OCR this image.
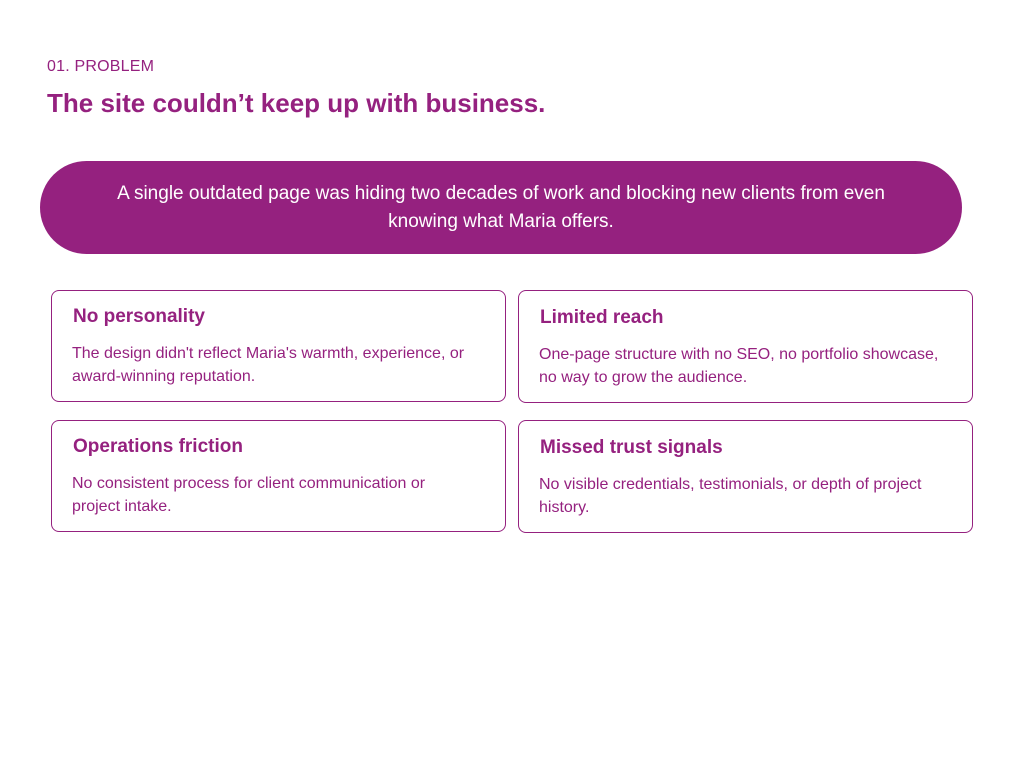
01. PROBLEM
The site couldn’t keep up with business.
A single outdated page was hiding two decades of work and blocking new clients from even knowing what Maria offers.
No personality
The design didn't reflect Maria's warmth, experience, or award-winning reputation.
Limited reach
One-page structure with no SEO, no portfolio showcase, no way to grow the audience.
Operations friction
No consistent process for client communication or project intake.
Missed trust signals
No visible credentials, testimonials, or depth of project history.
